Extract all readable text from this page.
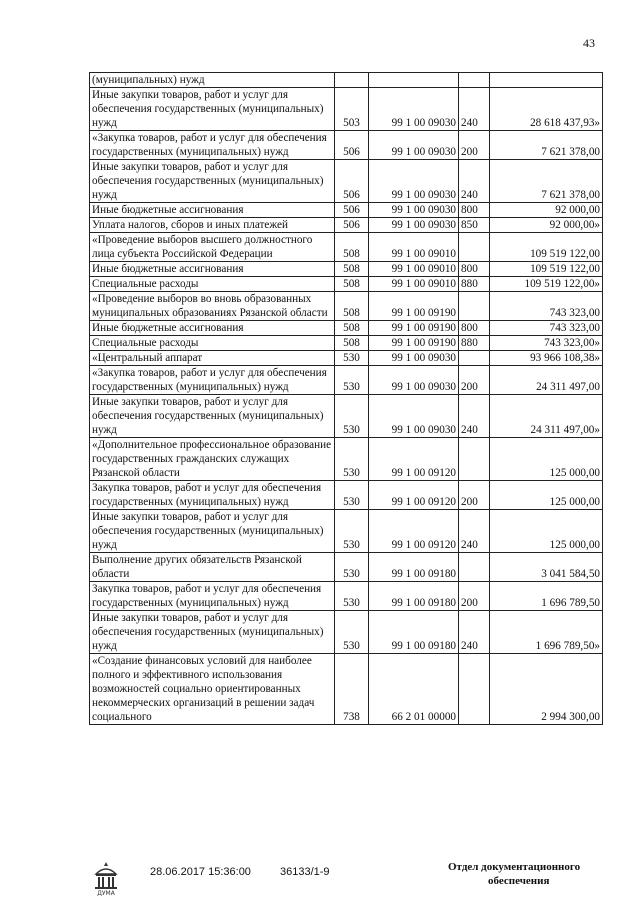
43
(муниципальных) нужд				
Иные закупки товаров, работ и услуг для обеспечения государственных (муниципальных) нужд	503	99 1 00 09030	240	28 618 437,93»
«Закупка товаров, работ и услуг для обеспечения государственных (муниципальных) нужд	506	99 1 00 09030	200	7 621 378,00
Иные закупки товаров, работ и услуг для обеспечения государственных (муниципальных) нужд	506	99 1 00 09030	240	7 621 378,00
Иные бюджетные ассигнования	506	99 1 00 09030	800	92 000,00
Уплата налогов, сборов и иных платежей	506	99 1 00 09030	850	92 000,00»
«Проведение выборов высшего должностного лица субъекта Российской Федерации	508	99 1 00 09010		109 519 122,00
Иные бюджетные ассигнования	508	99 1 00 09010	800	109 519 122,00
Специальные расходы	508	99 1 00 09010	880	109 519 122,00»
«Проведение выборов во вновь образованных муниципальных образованиях Рязанской области	508	99 1 00 09190		743 323,00
Иные бюджетные ассигнования	508	99 1 00 09190	800	743 323,00
Специальные расходы	508	99 1 00 09190	880	743 323,00»
«Центральный аппарат	530	99 1 00 09030		93 966 108,38»
«Закупка товаров, работ и услуг для обеспечения государственных (муниципальных) нужд	530	99 1 00 09030	200	24 311 497,00
Иные закупки товаров, работ и услуг для обеспечения государственных (муниципальных) нужд	530	99 1 00 09030	240	24 311 497,00»
«Дополнительное профессиональное образование государственных гражданских служащих Рязанской области	530	99 1 00 09120		125 000,00
Закупка товаров, работ и услуг для обеспечения государственных (муниципальных) нужд	530	99 1 00 09120	200	125 000,00
Иные закупки товаров, работ и услуг для обеспечения государственных (муниципальных) нужд	530	99 1 00 09120	240	125 000,00
Выполнение других обязательств Рязанской области	530	99 1 00 09180		3 041 584,50
Закупка товаров, работ и услуг для обеспечения государственных (муниципальных) нужд	530	99 1 00 09180	200	1 696 789,50
Иные закупки товаров, работ и услуг для обеспечения государственных (муниципальных) нужд	530	99 1 00 09180	240	1 696 789,50»
«Создание финансовых условий для наиболее полного и эффективного использования возможностей социально ориентированных некоммерческих организаций в решении задач социального	738	66 2 01 00000		2 994 300,00
ДУМА
28.06.2017 15:36:00	36133/1-9	Отдел документационного
обеспечения
